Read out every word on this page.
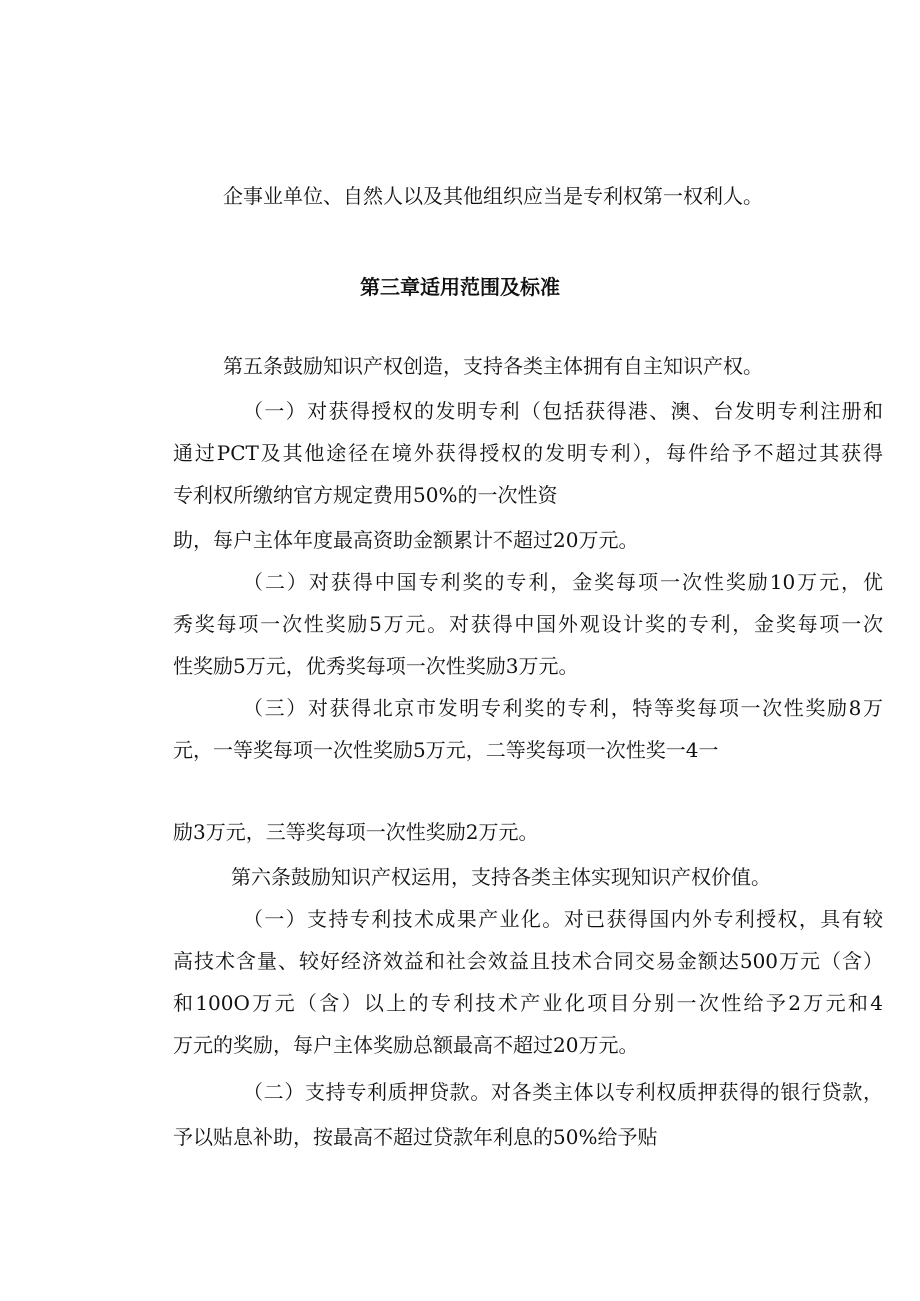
企事业单位、自然人以及其他组织应当是专利权第一权利人。
第三章适用范围及标准
第五条鼓励知识产权创造，支持各类主体拥有自主知识产权。
（一）对获得授权的发明专利（包括获得港、澳、台发明专利注册和
通过PCT及其他途径在境外获得授权的发明专利），每件给予不超过其获得
专利权所缴纳官方规定费用50%的一次性资
助，每户主体年度最高资助金额累计不超过20万元。
（二）对获得中国专利奖的专利，金奖每项一次性奖励10万元，优
秀奖每项一次性奖励5万元。对获得中国外观设计奖的专利，金奖每项一次
性奖励5万元，优秀奖每项一次性奖励3万元。
（三）对获得北京市发明专利奖的专利，特等奖每项一次性奖励8万
元，一等奖每项一次性奖励5万元，二等奖每项一次性奖一4一
励3万元，三等奖每项一次性奖励2万元。
第六条鼓励知识产权运用，支持各类主体实现知识产权价值。
（一）支持专利技术成果产业化。对已获得国内外专利授权，具有较
高技术含量、较好经济效益和社会效益且技术合同交易金额达500万元（含）
和100O万元（含）以上的专利技术产业化项目分别一次性给予2万元和4
万元的奖励，每户主体奖励总额最高不超过20万元。
（二）支持专利质押贷款。对各类主体以专利权质押获得的银行贷款，
予以贴息补助，按最高不超过贷款年利息的50%给予贴
